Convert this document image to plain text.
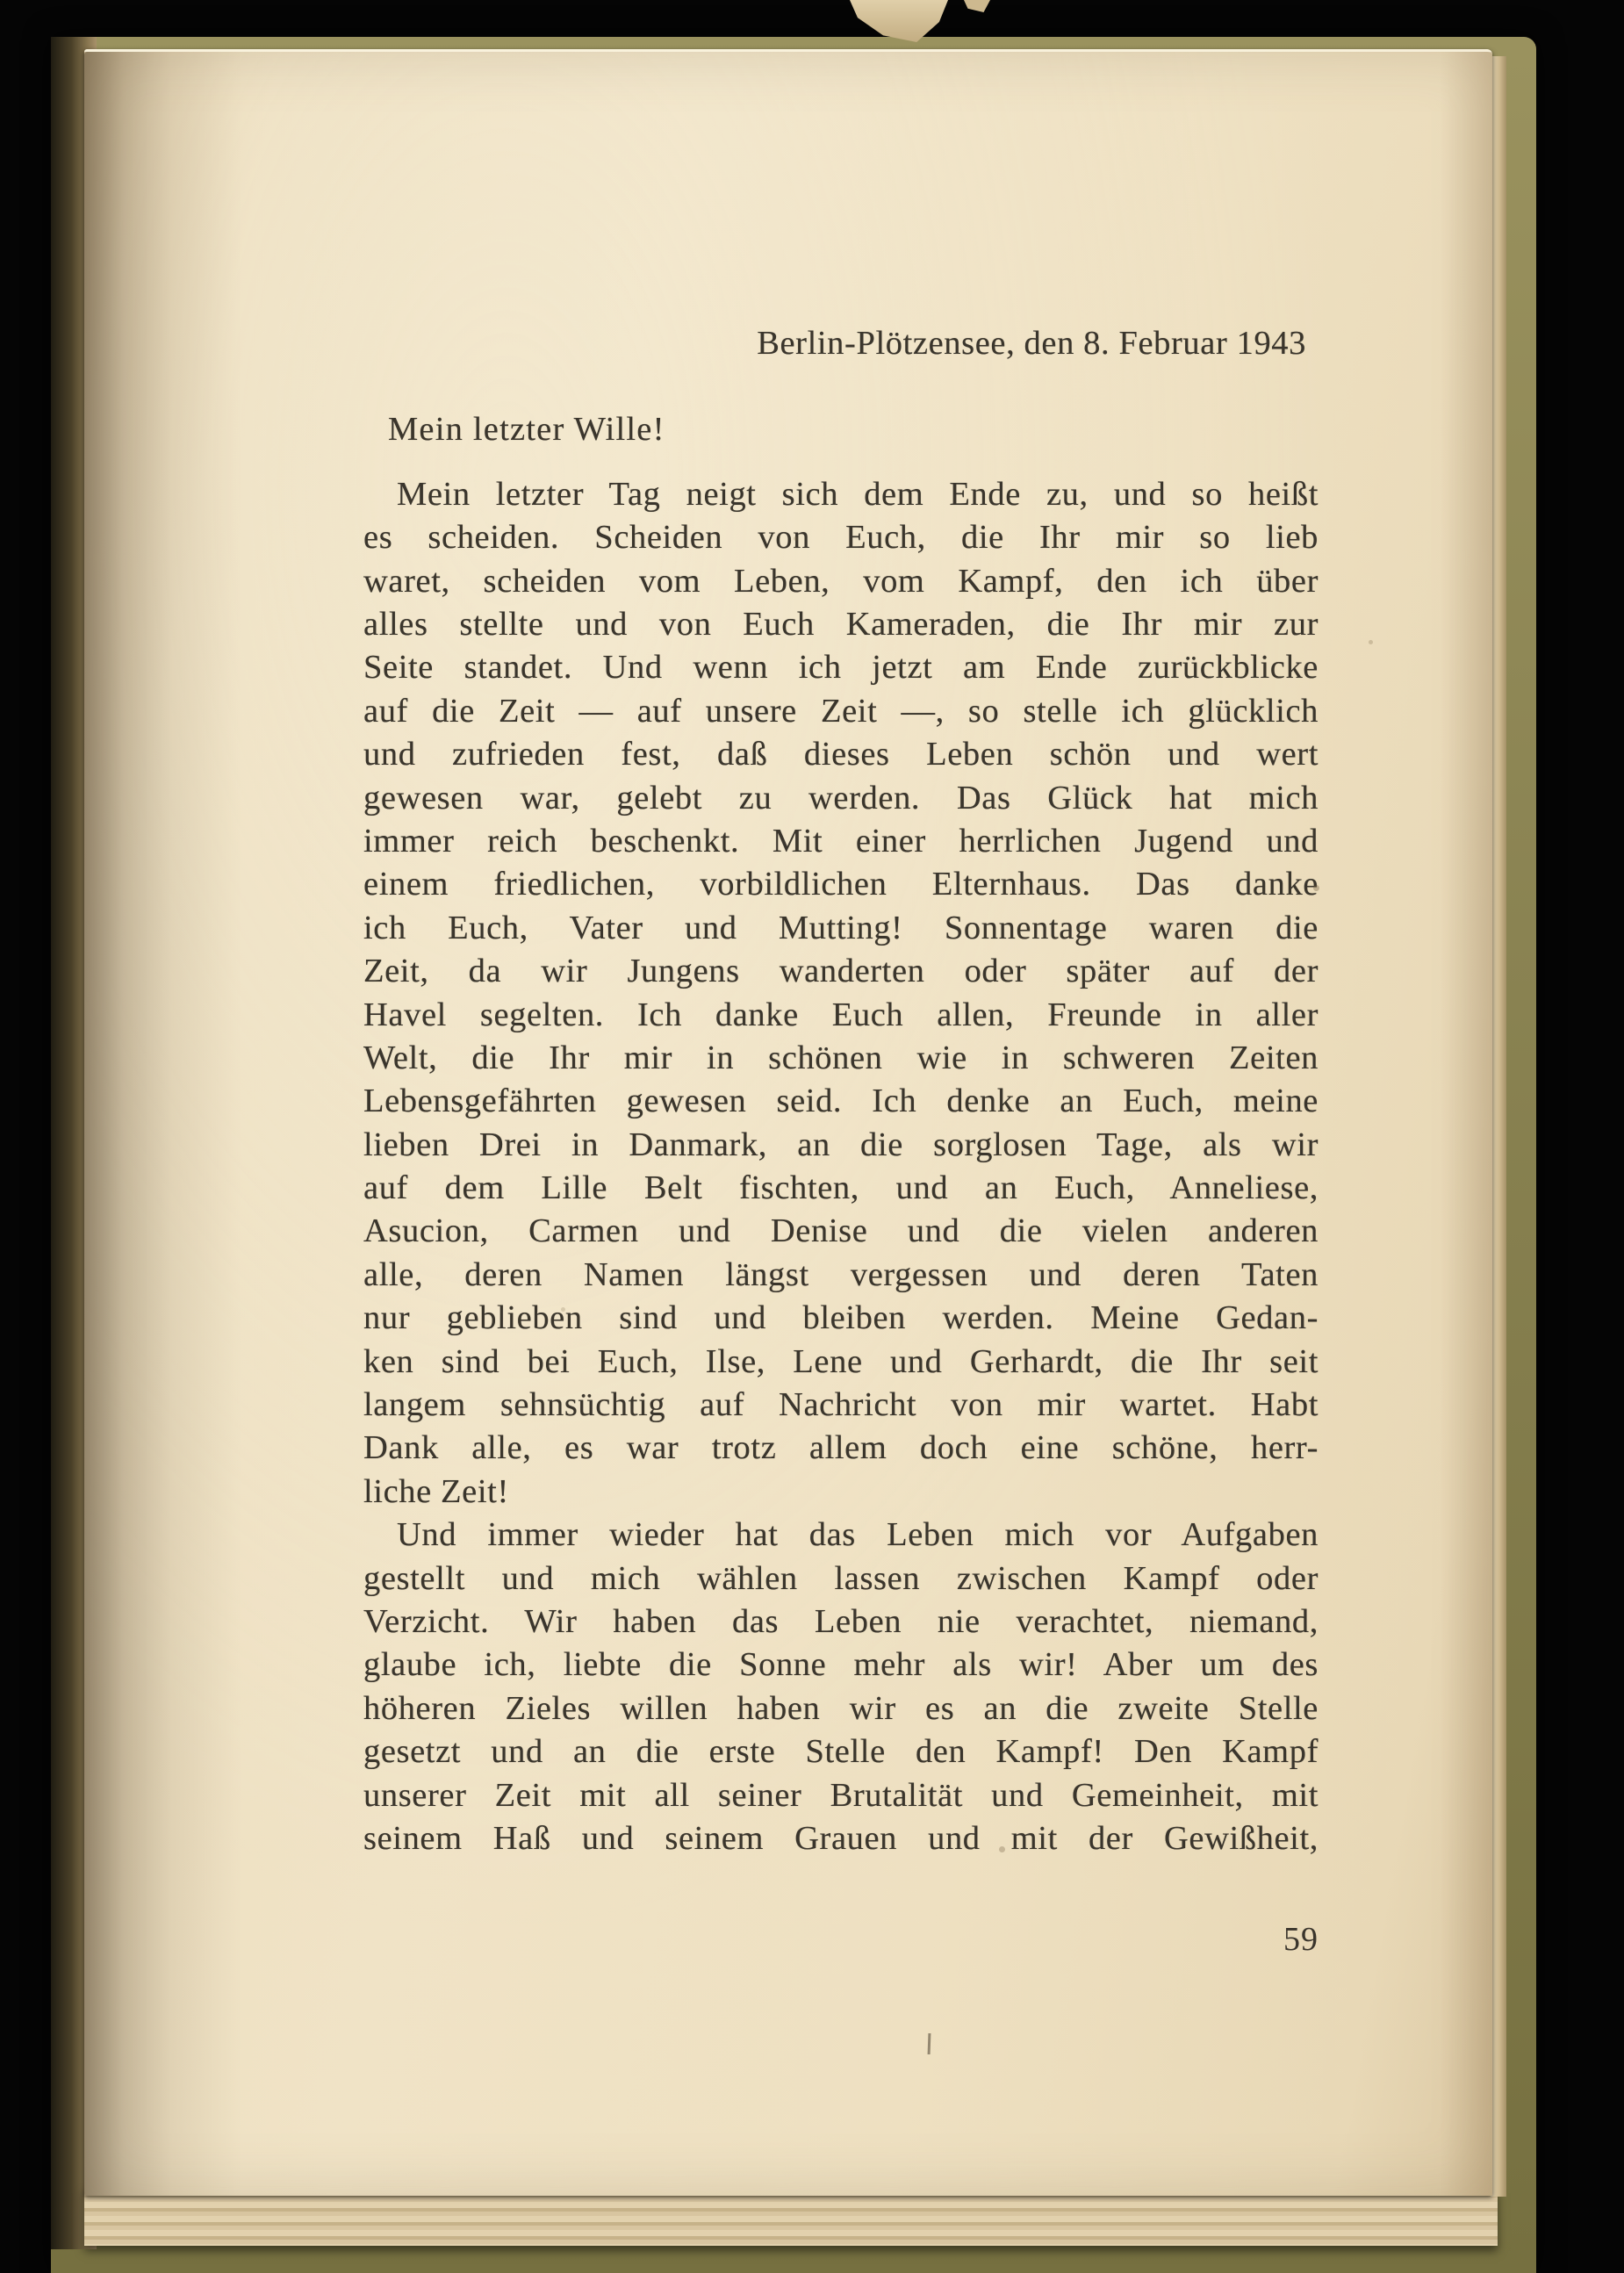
Berlin-Plötzensee, den 8. Februar 1943
Mein letzter Wille!
Mein letzter Tag neigt sich dem Ende zu, und so heißt
es scheiden. Scheiden von Euch, die Ihr mir so lieb
waret, scheiden vom Leben, vom Kampf, den ich über
alles stellte und von Euch Kameraden, die Ihr mir zur
Seite standet. Und wenn ich jetzt am Ende zurückblicke
auf die Zeit — auf unsere Zeit —, so stelle ich glücklich
und zufrieden fest, daß dieses Leben schön und wert
gewesen war, gelebt zu werden. Das Glück hat mich
immer reich beschenkt. Mit einer herrlichen Jugend und
einem friedlichen, vorbildlichen Elternhaus. Das danke
ich Euch, Vater und Mutting! Sonnentage waren die
Zeit, da wir Jungens wanderten oder später auf der
Havel segelten. Ich danke Euch allen, Freunde in aller
Welt, die Ihr mir in schönen wie in schweren Zeiten
Lebensgefährten gewesen seid. Ich denke an Euch, meine
lieben Drei in Danmark, an die sorglosen Tage, als wir
auf dem Lille Belt fischten, und an Euch, Anneliese,
Asucion, Carmen und Denise und die vielen anderen
alle, deren Namen längst vergessen und deren Taten
nur geblieben sind und bleiben werden. Meine Gedan-
ken sind bei Euch, Ilse, Lene und Gerhardt, die Ihr seit
langem sehnsüchtig auf Nachricht von mir wartet. Habt
Dank alle, es war trotz allem doch eine schöne, herr-
liche Zeit!
Und immer wieder hat das Leben mich vor Aufgaben
gestellt und mich wählen lassen zwischen Kampf oder
Verzicht. Wir haben das Leben nie verachtet, niemand,
glaube ich, liebte die Sonne mehr als wir! Aber um des
höheren Zieles willen haben wir es an die zweite Stelle
gesetzt und an die erste Stelle den Kampf! Den Kampf
unserer Zeit mit all seiner Brutalität und Gemeinheit, mit
seinem Haß und seinem Grauen und mit der Gewißheit,
59
